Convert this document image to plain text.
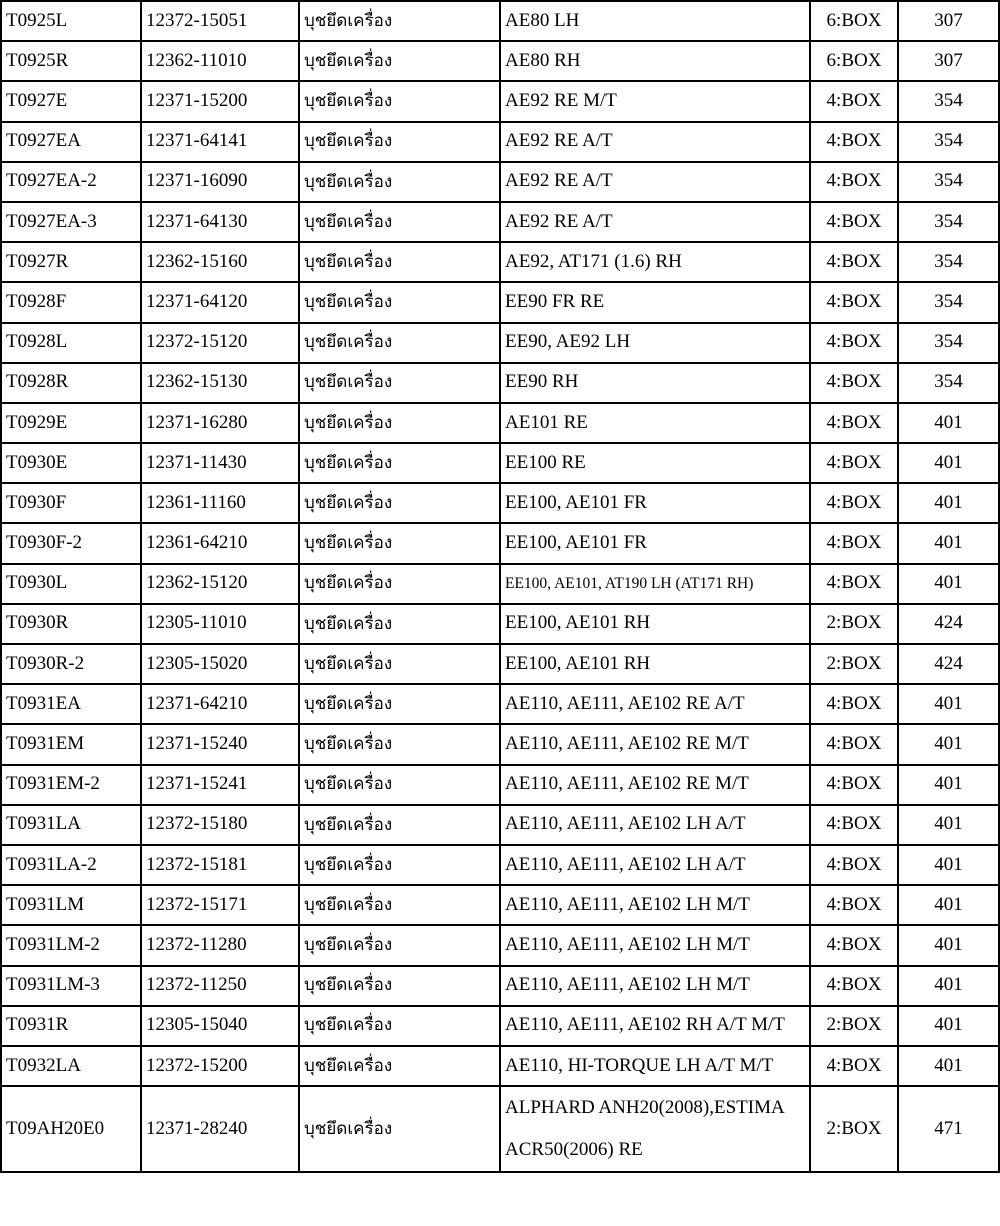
T0925L	12372-15051	บุชยึดเครื่อง	AE80 LH	6:BOX	307
T0925R	12362-11010	บุชยึดเครื่อง	AE80 RH	6:BOX	307
T0927E	12371-15200	บุชยึดเครื่อง	AE92 RE M/T	4:BOX	354
T0927EA	12371-64141	บุชยึดเครื่อง	AE92 RE A/T	4:BOX	354
T0927EA-2	12371-16090	บุชยึดเครื่อง	AE92 RE A/T	4:BOX	354
T0927EA-3	12371-64130	บุชยึดเครื่อง	AE92 RE A/T	4:BOX	354
T0927R	12362-15160	บุชยึดเครื่อง	AE92, AT171 (1.6) RH	4:BOX	354
T0928F	12371-64120	บุชยึดเครื่อง	EE90 FR RE	4:BOX	354
T0928L	12372-15120	บุชยึดเครื่อง	EE90, AE92 LH	4:BOX	354
T0928R	12362-15130	บุชยึดเครื่อง	EE90 RH	4:BOX	354
T0929E	12371-16280	บุชยึดเครื่อง	AE101 RE	4:BOX	401
T0930E	12371-11430	บุชยึดเครื่อง	EE100 RE	4:BOX	401
T0930F	12361-11160	บุชยึดเครื่อง	EE100, AE101 FR	4:BOX	401
T0930F-2	12361-64210	บุชยึดเครื่อง	EE100, AE101 FR	4:BOX	401
T0930L	12362-15120	บุชยึดเครื่อง	EE100, AE101, AT190 LH (AT171 RH)	4:BOX	401
T0930R	12305-11010	บุชยึดเครื่อง	EE100, AE101 RH	2:BOX	424
T0930R-2	12305-15020	บุชยึดเครื่อง	EE100, AE101 RH	2:BOX	424
T0931EA	12371-64210	บุชยึดเครื่อง	AE110, AE111, AE102 RE A/T	4:BOX	401
T0931EM	12371-15240	บุชยึดเครื่อง	AE110, AE111, AE102 RE M/T	4:BOX	401
T0931EM-2	12371-15241	บุชยึดเครื่อง	AE110, AE111, AE102 RE M/T	4:BOX	401
T0931LA	12372-15180	บุชยึดเครื่อง	AE110, AE111, AE102 LH A/T	4:BOX	401
T0931LA-2	12372-15181	บุชยึดเครื่อง	AE110, AE111, AE102 LH A/T	4:BOX	401
T0931LM	12372-15171	บุชยึดเครื่อง	AE110, AE111, AE102 LH M/T	4:BOX	401
T0931LM-2	12372-11280	บุชยึดเครื่อง	AE110, AE111, AE102 LH M/T	4:BOX	401
T0931LM-3	12372-11250	บุชยึดเครื่อง	AE110, AE111, AE102 LH M/T	4:BOX	401
T0931R	12305-15040	บุชยึดเครื่อง	AE110, AE111, AE102 RH A/T M/T	2:BOX	401
T0932LA	12372-15200	บุชยึดเครื่อง	AE110, HI-TORQUE LH A/T M/T	4:BOX	401
T09AH20E0	12371-28240	บุชยึดเครื่อง	ALPHARD ANH20(2008),ESTIMA ACR50(2006) RE	2:BOX	471
